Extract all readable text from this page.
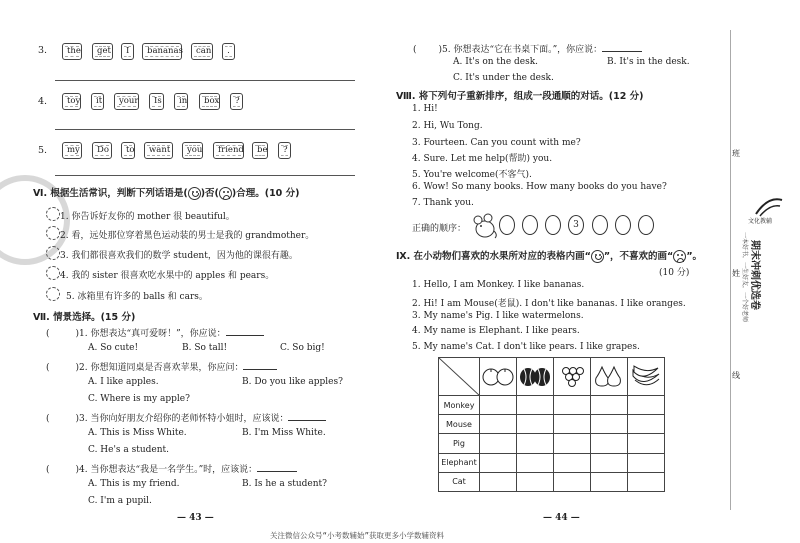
3.	the	get	I	bananas	can	.
4.	toy	it	your	Is	in	box	?
5.	my	Do	to	want	you	friend	be	?
Ⅵ. 根据生活常识，判断下列话语是( )否( )合理。(10 分)
1. 你告诉好友你的 mother 很 beautiful。
2. 看，远处那位穿着黑色运动装的男士是我的 grandmother。
3. 我们都很喜欢我们的数学 student，因为他的课很有趣。
4. 我的 sister 很喜欢吃水果中的 apples 和 pears。
5. 冰箱里有许多的 balls 和 cars。
Ⅶ. 情景选择。(15 分)
(	)1. 你想表达“真可爱呀！”，你应说：
A. So cute!	B. So tall!	C. So big!
(	)2. 你想知道同桌是否喜欢苹果，你应问：
A. I like apples.	B. Do you like apples?
C. Where is my apple?
(	)3. 当你向好朋友介绍你的老师怀特小姐时，应该说：
A. This is Miss White.	B. I'm Miss White.
C. He's a student.
(	)4. 当你想表达“我是一名学生。”时，应该说：
A. This is my friend.	B. Is he a student?
C. I'm a pupil.
— 43 —
( )5. 你想表达“它在书桌下面。”，你应说：
A. It's on the desk.	B. It's in the desk.
C. It's under the desk.
Ⅷ. 将下列句子重新排序，组成一段通顺的对话。(12 分)
1. Hi!
2. Hi, Wu Tong.
3. Fourteen. Can you count with me?
4. Sure. Let me help(帮助) you.
5. You're welcome(不客气).
6. Wow! So many books. How many books do you have?
7. Thank you.
正确的顺序：	3
Ⅸ. 在小动物们喜欢的水果所对应的表格内画“ ”，不喜欢的画“ ”。
(10 分)
1. Hello, I am Monkey. I like bananas.
2. Hi! I am Mouse(老鼠). I don't like bananas. I like oranges.
3. My name's Pig. I like watermelons.
4. My name is Elephant. I like pears.
5. My name's Cat. I don't like pears. I like grapes.

Monkey					
Mouse					
Pig					
Elephant					
Cat					
— 44 —
关注微信公众号“小考数辅始”获取更多小学数辅资料
班
姓
线
文化教辅
期末冲刺优选卷
一本好书，一生好友，一个好老师
